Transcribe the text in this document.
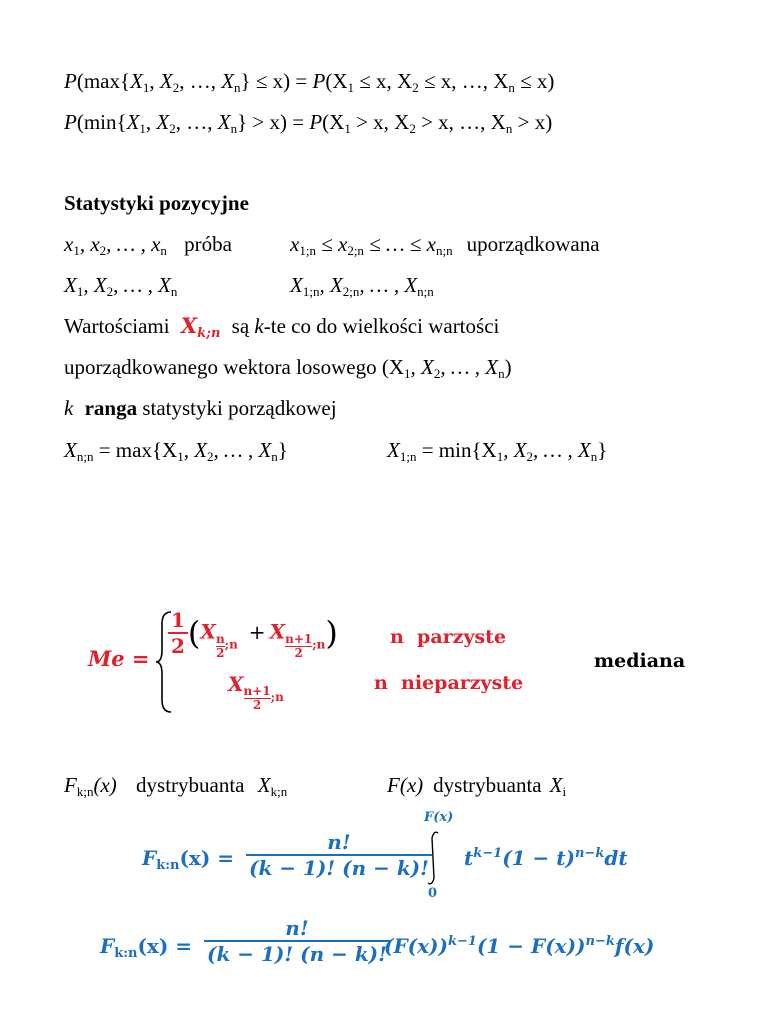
$P(\max\{X_1$, $X_2$, …, $X_n\} \le x) = P(X_1 \le x$, $X_2 \le x$, …, $X_n \le x$)
$P(\min\{X_1$, $X_2$, …, $X_n\} > x) = P(X_1 > x$, $X_2 > x$, …, $X_n > x$)
Statystyki pozycyjne
$x_1$, $x_2$, … , $x_n$ próba	$x_{1;n} \le x_{2;n}$ ≤ … ≤ $x_{n;n}$ uporządkowana
$X_1$, $X_2$, … , $X_n$	$X_{1;n}$, $X_{2;n}$, … , $X_{n;n}$
Wartościami $X_{k;n}$ są k-te co do wielkości wartości
uporządkowanego wektora losowego ($X_1$, $X_2$, … , $X_n$)
k ranga statystyki porządkowej
$X_{n;n} = \max\{X_1$, $X_2$, … , $X_n$}	$X_{1;n} = \min\{X_1$, $X_2$, … , $X_n$}
Me =
$\frac{1}{2} (X$
$\frac{n}{2} _{;n} + X$
$\frac{n+1}{2} _{;n}$)
X
$\frac{n+1}{2} _{;n}$
n  parzyste
n  nieparzyste
mediana
$F_{k;n}(x)$ dystrybuanta $X_{k;n}$	F(x) dystrybuanta $X_i$
$F_{k:n}(x) = \frac{n!}{(k - 1)! (n - k)!}$
F(x)
0
$t^{k-1}(1 - t)^{n-k}dt$
$F_{k:n}(x) = \frac{n!}{(k - 1)! (n - k)!}$
$(F(x))^{k-1}(1 - F(x))^{n-k}f(x)$
